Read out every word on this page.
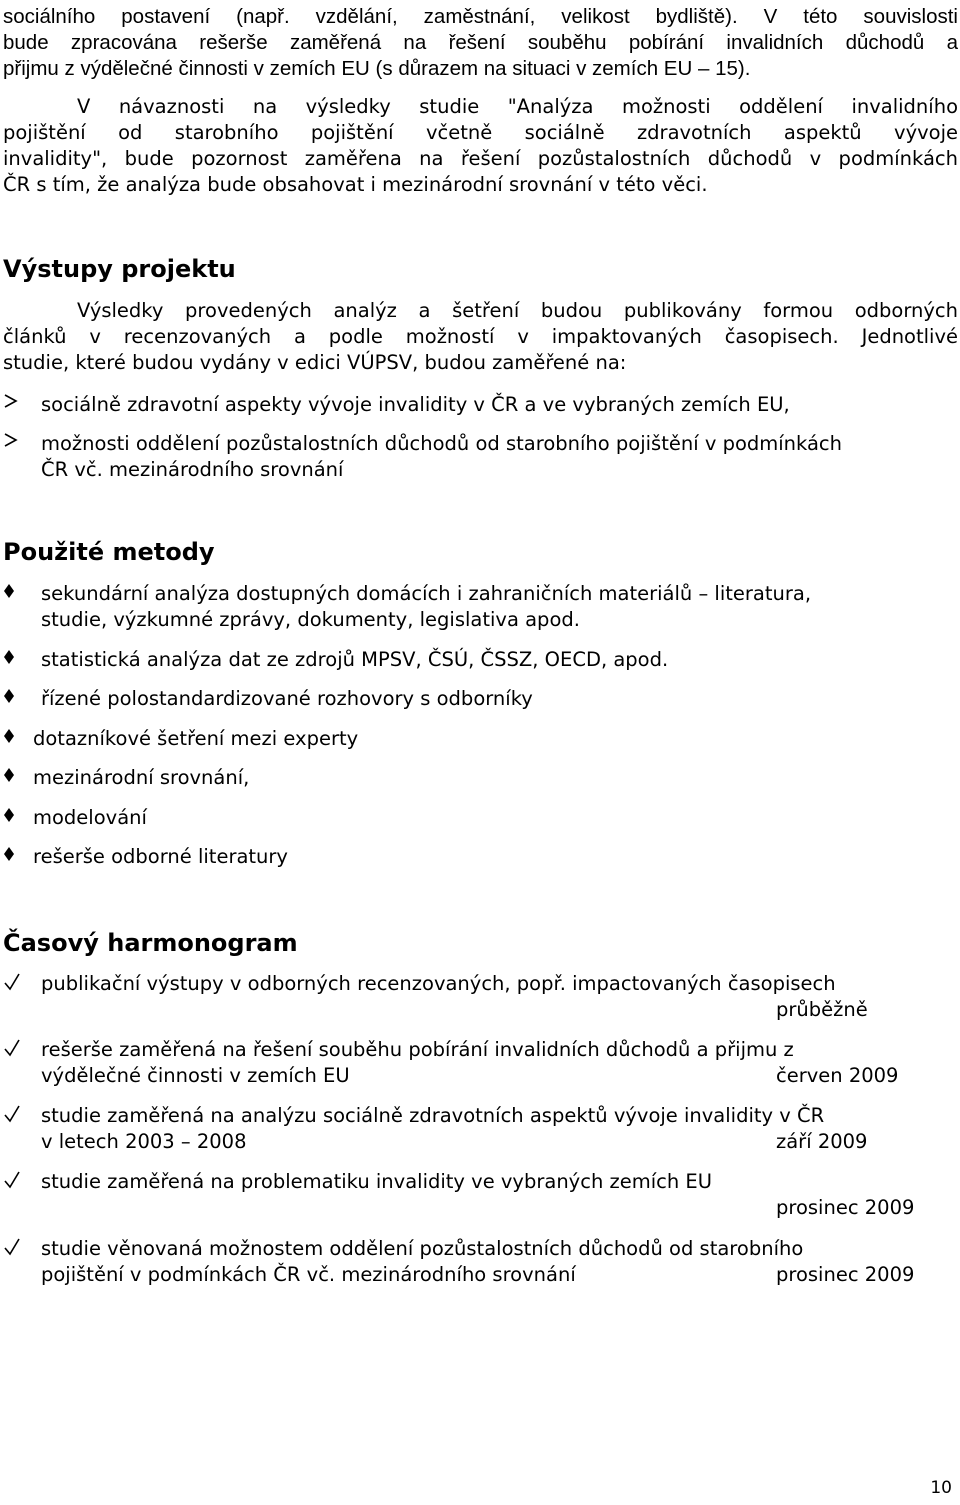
sociálního postavení (např. vzdělání, zaměstnání, velikost bydliště). V této souvislosti
bude zpracována rešerše zaměřená na řešení souběhu pobírání invalidních důchodů a
přijmu z výdělečné činnosti v zemích EU (s důrazem na situaci v zemích EU – 15).
V návaznosti na výsledky studie "Analýza možnosti oddělení invalidního
pojištění od starobního pojištění včetně sociálně zdravotních aspektů vývoje
invalidity", bude pozornost zaměřena na řešení pozůstalostních důchodů v podmínkách
ČR s tím, že analýza bude obsahovat i mezinárodní srovnání v této věci.
Výstupy projektu
Výsledky provedených analýz a šetření budou publikovány formou odborných
článků v recenzovaných a podle možností v impaktovaných časopisech. Jednotlivé
studie, které budou vydány v edici VÚPSV, budou zaměřené na:
sociálně zdravotní aspekty vývoje invalidity v ČR a ve vybraných zemích EU,
možnosti oddělení pozůstalostních důchodů od starobního pojištění v podmínkách
ČR vč. mezinárodního srovnání
Použité metody
sekundární analýza dostupných domácích i zahraničních materiálů – literatura,
studie, výzkumné zprávy, dokumenty, legislativa apod.
statistická analýza dat ze zdrojů MPSV, ČSÚ, ČSSZ, OECD, apod.
řízené polostandardizované rozhovory s odborníky
dotazníkové šetření mezi experty
mezinárodní srovnání,
modelování
rešerše odborné literatury
Časový harmonogram
publikační výstupy v odborných recenzovaných, popř. impactovaných časopisech
průběžně
rešerše zaměřená na řešení souběhu pobírání invalidních důchodů a přijmu z
výdělečné činnosti v zemích EU	červen 2009
studie zaměřená na analýzu sociálně zdravotních aspektů vývoje invalidity v ČR
v letech 2003 – 2008	září 2009
studie zaměřená na problematiku invalidity ve vybraných zemích EU
prosinec 2009
studie věnovaná možnostem oddělení pozůstalostních důchodů od starobního
pojištění v podmínkách ČR vč. mezinárodního srovnání	prosinec 2009
10
